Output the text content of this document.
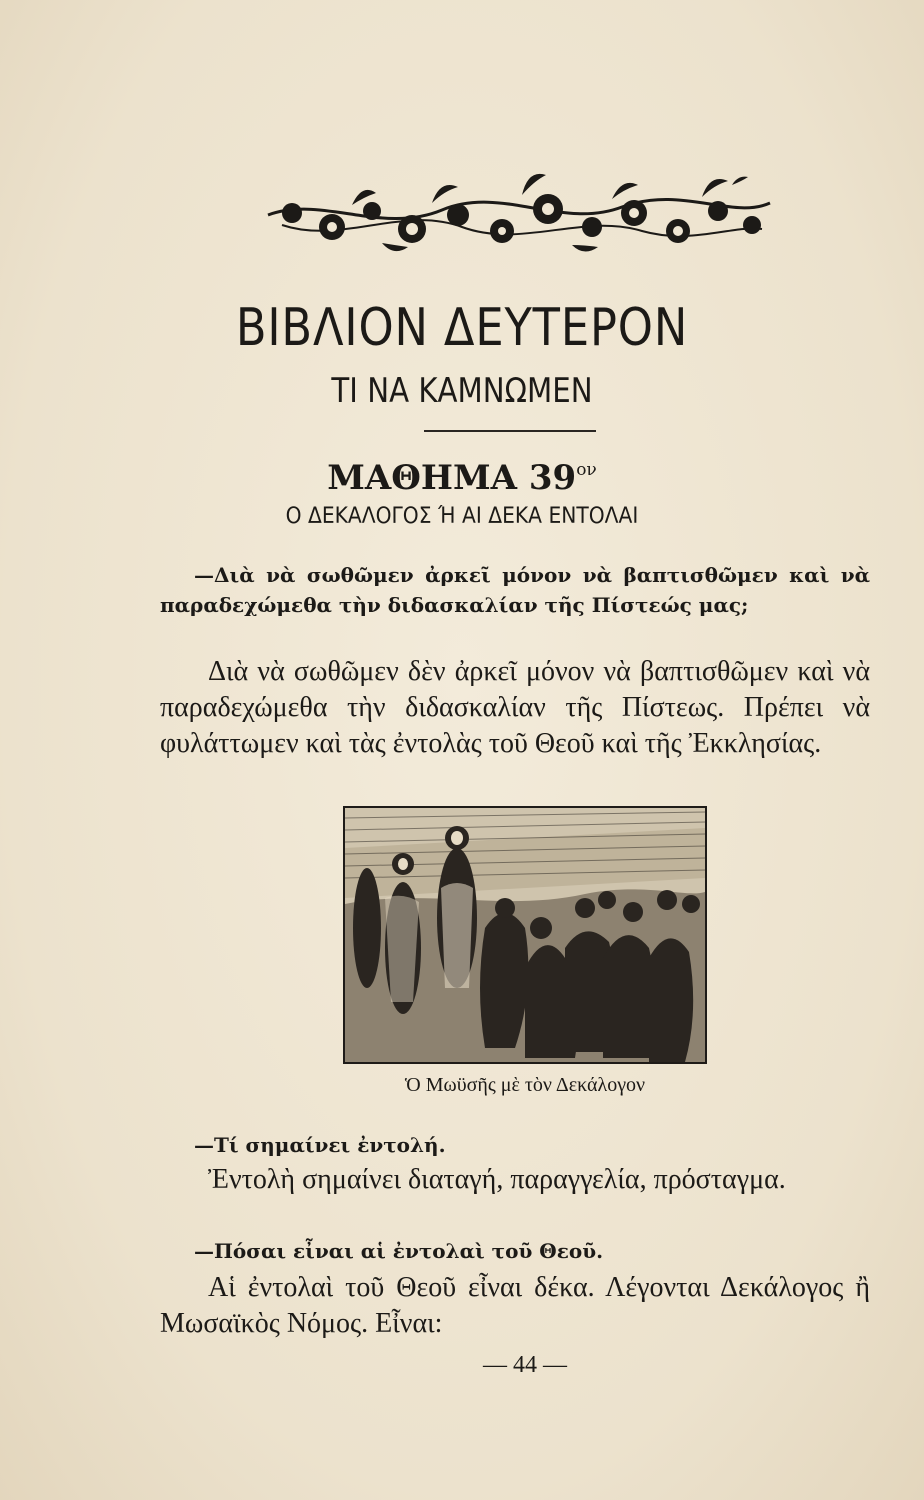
ΒΙΒΛΙΟΝ ΔΕΥΤΕΡΟΝ
ΤΙ ΝΑ ΚΑΜΝΩΜΕΝ
ΜΑΘΗΜΑ $39^{o\nu}$
Ο ΔΕΚΑΛΟΓΟΣ Ή ΑΙ ΔΕΚΑ ΕΝΤΟΛΑΙ
—Διὰ νὰ σωθῶμεν ἀρκεῖ μόνον νὰ βαπτισθῶμεν καὶ νὰ παραδεχώμεθα τὴν διδασκαλίαν τῆς Πίστεώς μας;
Διὰ νὰ σωθῶμεν δὲν ἀρκεῖ μόνον νὰ βαπτισθῶμεν καὶ νὰ παραδεχώμεθα τὴν διδασκαλίαν τῆς Πίστεως. Πρέπει νὰ φυλάττωμεν καὶ τὰς ἐντολὰς τοῦ Θεοῦ καὶ τῆς Ἐκκλησίας.
Ὁ Μωϋσῆς μὲ τὸν Δεκάλογον
—Τί σημαίνει ἐντολή.
Ἐντολὴ σημαίνει διαταγή, παραγγελία, πρόσταγμα.
—Πόσαι εἶναι αἱ ἐντολαὶ τοῦ Θεοῦ.
Αἱ ἐντολαὶ τοῦ Θεοῦ εἶναι δέκα. Λέγονται Δεκάλογος ἢ Μωσαϊκὸς Νόμος. Εἶναι:
— 44 —
